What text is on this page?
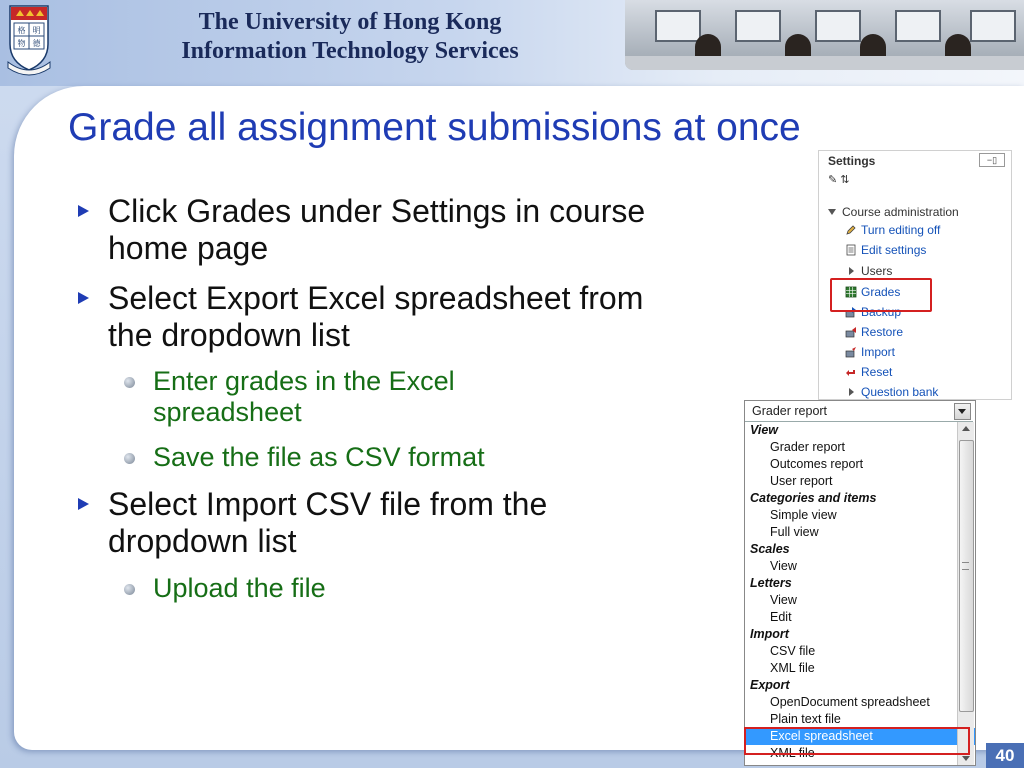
格 明
物 德
The University of Hong Kong
Information Technology Services
Grade all assignment submissions at once
Click Grades under Settings in course home page
Select Export Excel spreadsheet from the dropdown list
Enter grades in the Excel spreadsheet
Save the file as CSV format
Select Import CSV file from the dropdown list
Upload the file
Settings	−▯
✎ ⇅
Course administration
Turn editing off
Edit settings
Users
Grades
Backup
Restore
Import
Reset
Question bank
Grader report
View
Grader report
Outcomes report
User report
Categories and items
Simple view
Full view
Scales
View
Letters
View
Edit
Import
CSV file
XML file
Export
OpenDocument spreadsheet
Plain text file
Excel spreadsheet
XML file	40
